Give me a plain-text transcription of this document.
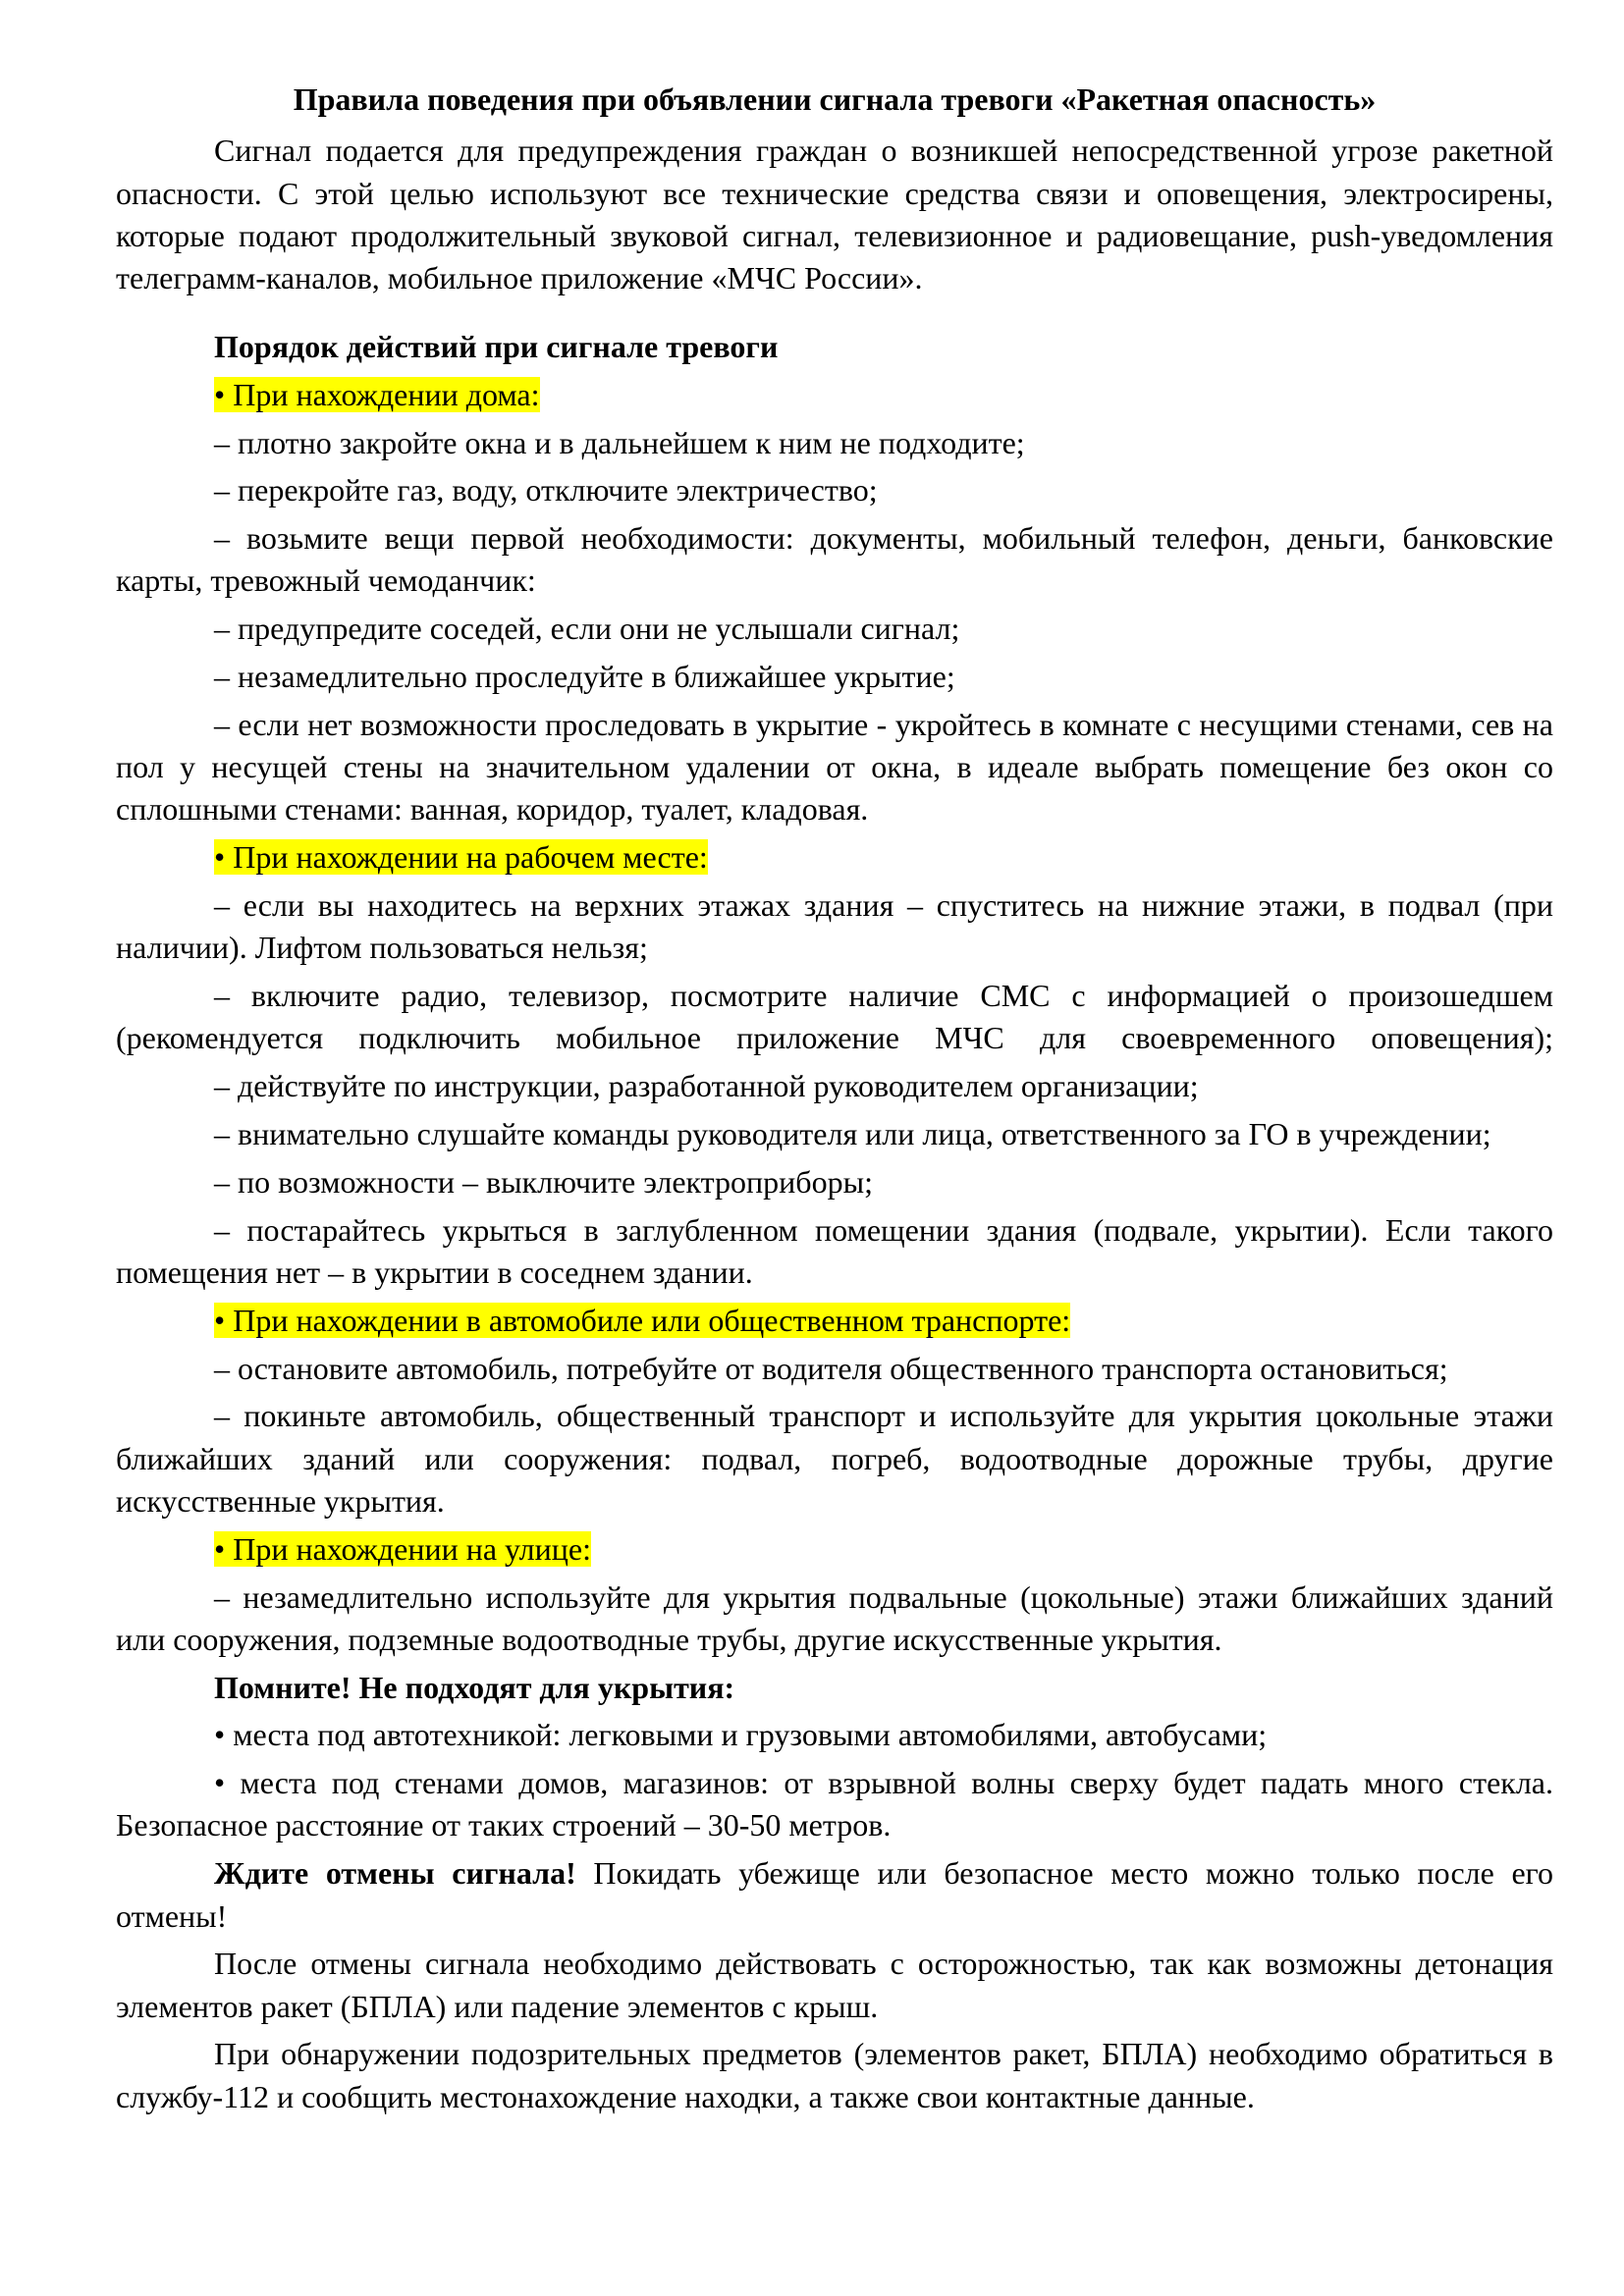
Правила поведения при объявлении сигнала тревоги «Ракетная опасность»

Сигнал подается для предупреждения граждан о возникшей непосредственной угрозе ракетной опасности. С этой целью используют все технические средства связи и оповещения, электросирены, которые подают продолжительный звуковой сигнал, телевизионное и радиовещание, push-уведомления телеграмм-каналов, мобильное приложение «МЧС России».

Порядок действий при сигнале тревоги

• При нахождении дома:

– плотно закройте окна и в дальнейшем к ним не подходите;

– перекройте газ, воду, отключите электричество;

– возьмите вещи первой необходимости: документы, мобильный телефон, деньги, банковские карты, тревожный чемоданчик:

– предупредите соседей, если они не услышали сигнал;

– незамедлительно проследуйте в ближайшее укрытие;

– если нет возможности проследовать в укрытие - укройтесь в комнате с несущими стенами, сев на пол у несущей стены на значительном удалении от окна, в идеале выбрать помещение без окон со сплошными стенами: ванная, коридор, туалет, кладовая.

• При нахождении на рабочем месте:

– если вы находитесь на верхних этажах здания – спуститесь на нижние этажи, в подвал (при наличии). Лифтом пользоваться нельзя;

– включите радио, телевизор, посмотрите наличие СМС с информацией о произошедшем (рекомендуется подключить мобильное приложение МЧС для своевременного оповещения);

– действуйте по инструкции, разработанной руководителем организации;

– внимательно слушайте команды руководителя или лица, ответственного за ГО в учреждении;

– по возможности – выключите электроприборы;

– постарайтесь укрыться в заглубленном помещении здания (подвале, укрытии). Если такого помещения нет – в укрытии в соседнем здании.

• При нахождении в автомобиле или общественном транспорте:

– остановите автомобиль, потребуйте от водителя общественного транспорта остановиться;

– покиньте автомобиль, общественный транспорт и используйте для укрытия цокольные этажи ближайших зданий или сооружения: подвал, погреб, водоотводные дорожные трубы, другие искусственные укрытия.

• При нахождении на улице:

– незамедлительно используйте для укрытия подвальные (цокольные) этажи ближайших зданий или сооружения, подземные водоотводные трубы, другие искусственные укрытия.

Помните! Не подходят для укрытия:

• места под автотехникой: легковыми и грузовыми автомобилями, автобусами;

• места под стенами домов, магазинов: от взрывной волны сверху будет падать много стекла. Безопасное расстояние от таких строений – 30-50 метров.

Ждите отмены сигнала! Покидать убежище или безопасное место можно только после его отмены!

После отмены сигнала необходимо действовать с осторожностью, так как возможны детонация элементов ракет (БПЛА) или падение элементов с крыш.

При обнаружении подозрительных предметов (элементов ракет, БПЛА) необходимо обратиться в службу-112 и сообщить местонахождение находки, а также свои контактные данные.
